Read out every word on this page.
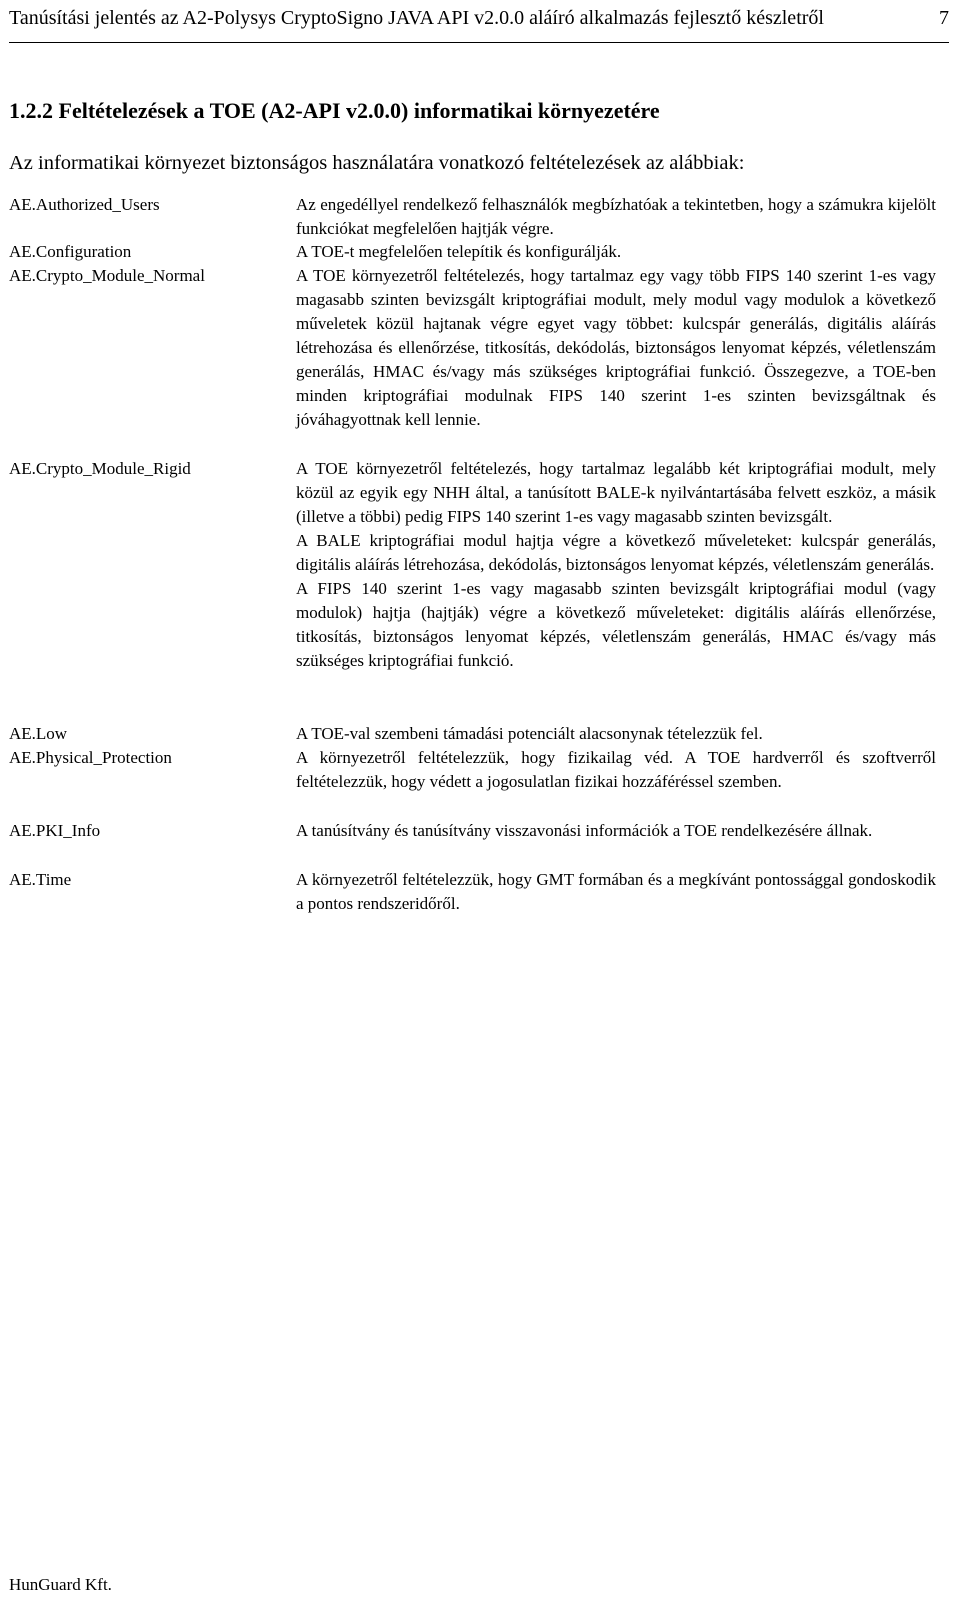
Tanúsítási jelentés az A2-Polysys CryptoSigno JAVA API v2.0.0 aláíró alkalmazás fejlesztő készletről	7
1.2.2 Feltételezések a TOE (A2-API v2.0.0) informatikai környezetére
Az informatikai környezet biztonságos használatára vonatkozó feltételezések az alábbiak:
AE.Authorized_Users	Az engedéllyel rendelkező felhasználók megbízhatóak a tekintetben, hogy a számukra kijelölt funkciókat megfelelően hajtják végre.

AE.Configuration	A TOE-t megfelelően telepítik és konfigurálják.

AE.Crypto_Module_Normal	A TOE környezetről feltételezés, hogy tartalmaz egy vagy több FIPS 140 szerint 1-es vagy magasabb szinten bevizsgált kriptográfiai modult, mely modul vagy modulok a következő műveletek közül hajtanak végre egyet vagy többet: kulcspár generálás, digitális aláírás létrehozása és ellenőrzése, titkosítás, dekódolás, biztonságos lenyomat képzés, véletlenszám generálás, HMAC és/vagy más szükséges kriptográfiai funkció. Összegezve, a TOE-ben minden kriptográfiai modulnak FIPS 140 szerint 1-es szinten bevizsgáltnak és jóváhagyottnak kell lennie.

AE.Crypto_Module_Rigid	A TOE környezetről feltételezés, hogy tartalmaz legalább két kriptográfiai modult, mely közül az egyik egy NHH által, a tanúsított BALE-k nyilvántartásába felvett eszköz, a másik (illetve a többi) pedig FIPS 140 szerint 1-es vagy magasabb szinten bevizsgált.

A BALE kriptográfiai modul hajtja végre a következő műveleteket: kulcspár generálás, digitális aláírás létrehozása, dekódolás, biztonságos lenyomat képzés, véletlenszám generálás.

A FIPS 140 szerint 1-es vagy magasabb szinten bevizsgált kriptográfiai modul (vagy modulok) hajtja (hajtják) végre a következő műveleteket: digitális aláírás ellenőrzése, titkosítás, biztonságos lenyomat képzés, véletlenszám generálás, HMAC és/vagy más szükséges kriptográfiai funkció.

AE.Low	A TOE-val szembeni támadási potenciált alacsonynak tételezzük fel.

AE.Physical_Protection	A környezetről feltételezzük, hogy fizikailag véd. A TOE hardverről és szoftverről feltételezzük, hogy védett a jogosulatlan fizikai hozzáféréssel szemben.

AE.PKI_Info	A tanúsítvány és tanúsítvány visszavonási információk a TOE rendelkezésére állnak.

AE.Time	A környezetről feltételezzük, hogy GMT formában és a megkívánt pontossággal gondoskodik a pontos rendszeridőről.

HunGuard Kft.
